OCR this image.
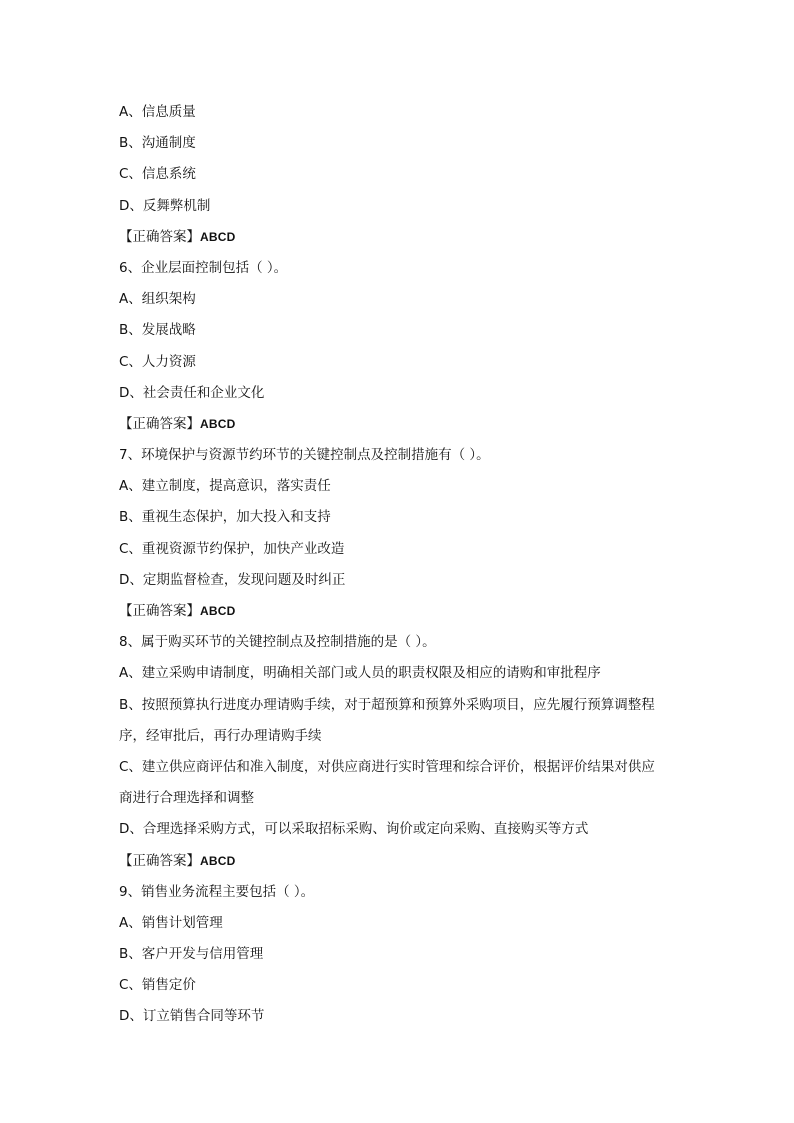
A、信息质量
B、沟通制度
C、信息系统
D、反舞弊机制
【正确答案】ABCD
6、企业层面控制包括（ ）。
A、组织架构
B、发展战略
C、人力资源
D、社会责任和企业文化
【正确答案】ABCD
7、环境保护与资源节约环节的关键控制点及控制措施有（ ）。
A、建立制度，提高意识，落实责任
B、重视生态保护，加大投入和支持
C、重视资源节约保护，加快产业改造
D、定期监督检查，发现问题及时纠正
【正确答案】ABCD
8、属于购买环节的关键控制点及控制措施的是（ ）。
A、建立采购申请制度，明确相关部门或人员的职责权限及相应的请购和审批程序
B、按照预算执行进度办理请购手续，对于超预算和预算外采购项目，应先履行预算调整程
序，经审批后，再行办理请购手续
C、建立供应商评估和准入制度，对供应商进行实时管理和综合评价，根据评价结果对供应
商进行合理选择和调整
D、合理选择采购方式，可以采取招标采购、询价或定向采购、直接购买等方式
【正确答案】ABCD
9、销售业务流程主要包括（ ）。
A、销售计划管理
B、客户开发与信用管理
C、销售定价
D、订立销售合同等环节
